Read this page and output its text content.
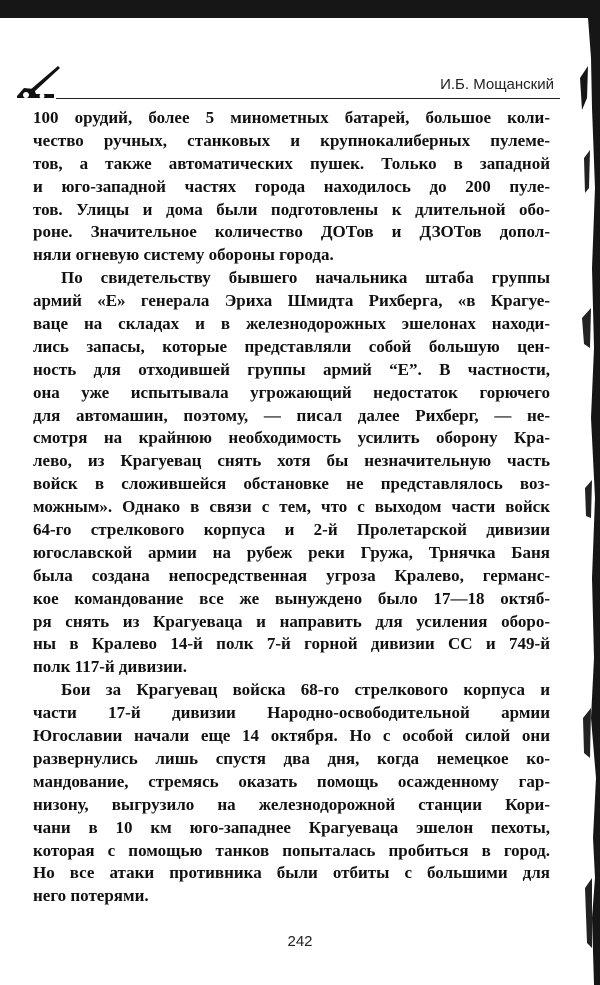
И.Б. Мощанский
100 орудий, более 5 минометных батарей, большое коли-
чество ручных, станковых и крупнокалиберных пулеме-
тов, а также автоматических пушек. Только в западной
и юго-западной частях города находилось до 200 пуле-
тов. Улицы и дома были подготовлены к длительной обо-
роне. Значительное количество ДОТов и ДЗОТов допол-
няли огневую систему обороны города.
По свидетельству бывшего начальника штаба группы
армий «Е» генерала Эриха Шмидта Рихберга, «в Крагуе-
ваце на складах и в железнодорожных эшелонах находи-
лись запасы, которые представляли собой большую цен-
ность для отходившей группы армий “Е”. В частности,
она уже испытывала угрожающий недостаток горючего
для автомашин, поэтому, — писал далее Рихберг, — не-
смотря на крайнюю необходимость усилить оборону Кра-
лево, из Крагуевац снять хотя бы незначительную часть
войск в сложившейся обстановке не представлялось воз-
можным». Однако в связи с тем, что с выходом части войск
64-го стрелкового корпуса и 2-й Пролетарской дивизии
югославской армии на рубеж реки Гружа, Трнячка Баня
была создана непосредственная угроза Кралево, германс-
кое командование все же вынуждено было 17—18 октяб-
ря снять из Крагуеваца и направить для усиления оборо-
ны в Кралево 14-й полк 7-й горной дивизии СС и 749-й
полк 117-й дивизии.
Бои за Крагуевац войска 68-го стрелкового корпуса и
части 17-й дивизии Народно-освободительной армии
Югославии начали еще 14 октября. Но с особой силой они
развернулись лишь спустя два дня, когда немецкое ко-
мандование, стремясь оказать помощь осажденному гар-
низону, выгрузило на железнодорожной станции Кори-
чани в 10 км юго-западнее Крагуеваца эшелон пехоты,
которая с помощью танков попыталась пробиться в город.
Но все атаки противника были отбиты с большими для
него потерями.
242
